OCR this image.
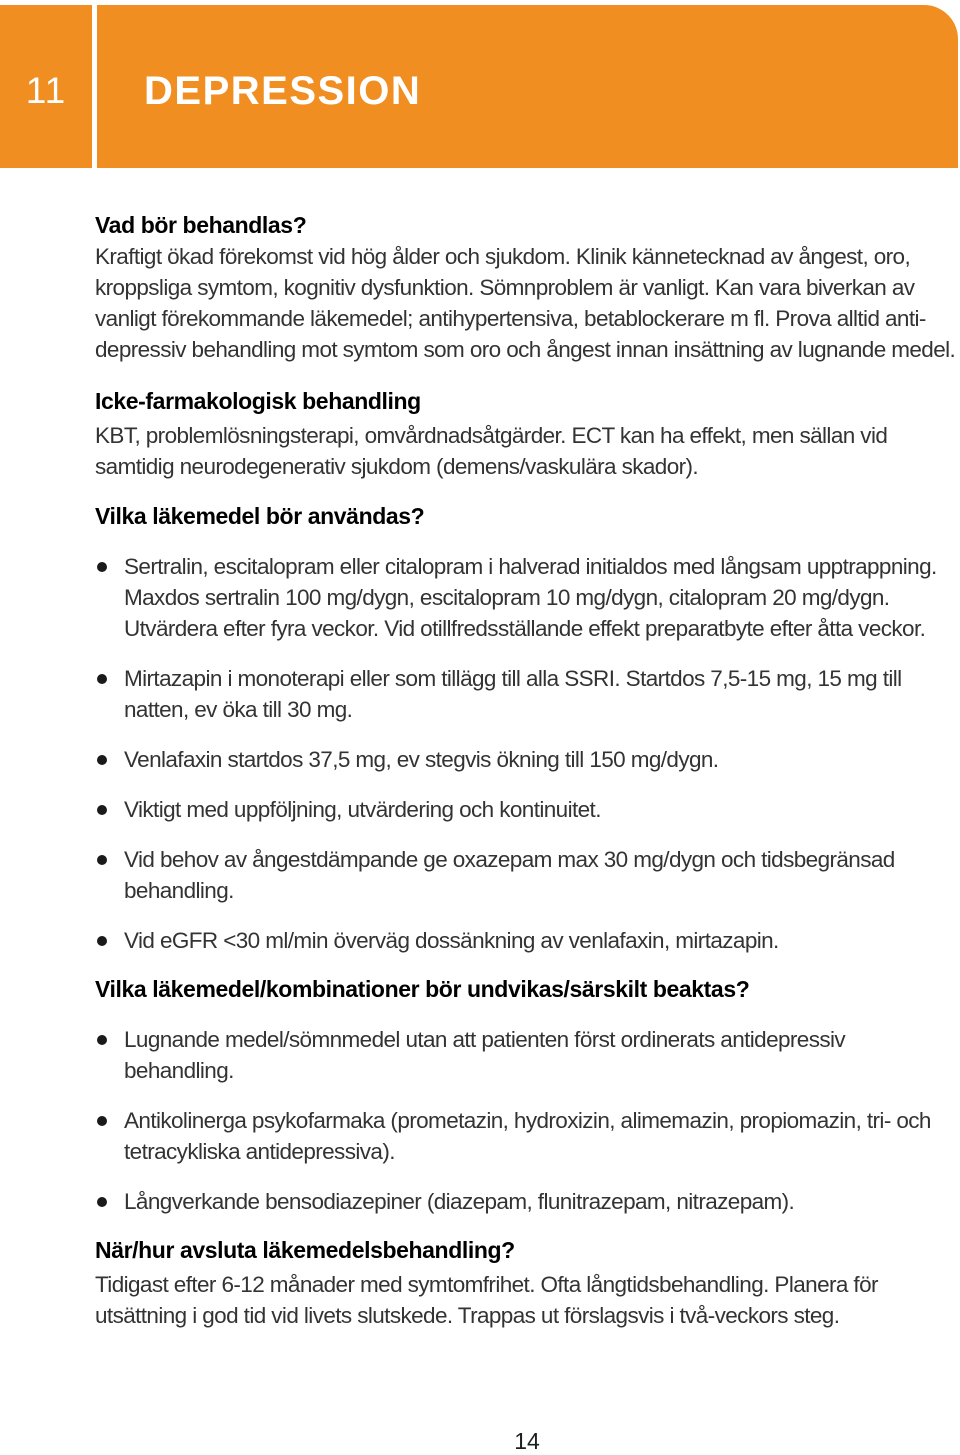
11	DEPRESSION
Vad bör behandlas?

Kraftigt ökad förekomst vid hög ålder och sjukdom. Klinik kännetecknad av ångest, oro, kroppsliga symtom, kognitiv dysfunktion. Sömnproblem är vanligt. Kan vara biverkan av vanligt förekommande läkemedel; antihypertensiva, betablockerare m fl. Prova alltid anti-depressiv behandling mot symtom som oro och ångest innan insättning av lugnande medel.

Icke-farmakologisk behandling

KBT, problemlösningsterapi, omvårdnadsåtgärder. ECT kan ha effekt, men sällan vid samtidig neurodegenerativ sjukdom (demens/vaskulära skador).

Vilka läkemedel bör användas?
Sertralin, escitalopram eller citalopram i halverad initialdos med långsam upptrappning. Maxdos sertralin 100 mg/dygn, escitalopram 10 mg/dygn, citalopram 20 mg/dygn. Utvärdera efter fyra veckor. Vid otillfredsställande effekt preparatbyte efter åtta veckor.
Mirtazapin i monoterapi eller som tillägg till alla SSRI. Startdos 7,5-15 mg, 15 mg till natten, ev öka till 30 mg.
Venlafaxin startdos 37,5 mg, ev stegvis ökning till 150 mg/dygn.
Viktigt med uppföljning, utvärdering och kontinuitet.
Vid behov av ångestdämpande ge oxazepam max 30 mg/dygn och tidsbegränsad behandling.
Vid eGFR <30 ml/min överväg dossänkning av venlafaxin, mirtazapin.
Vilka läkemedel/kombinationer bör undvikas/särskilt beaktas?
Lugnande medel/sömnmedel utan att patienten först ordinerats antidepressiv behandling.
Antikolinerga psykofarmaka (prometazin, hydroxizin, alimemazin, propiomazin, tri- och tetracykliska antidepressiva).
Långverkande bensodiazepiner (diazepam, flunitrazepam, nitrazepam).
När/hur avsluta läkemedelsbehandling?

Tidigast efter 6-12 månader med symtomfrihet. Ofta långtidsbehandling. Planera för utsättning i god tid vid livets slutskede. Trappas ut förslagsvis i två-veckors steg.

14
